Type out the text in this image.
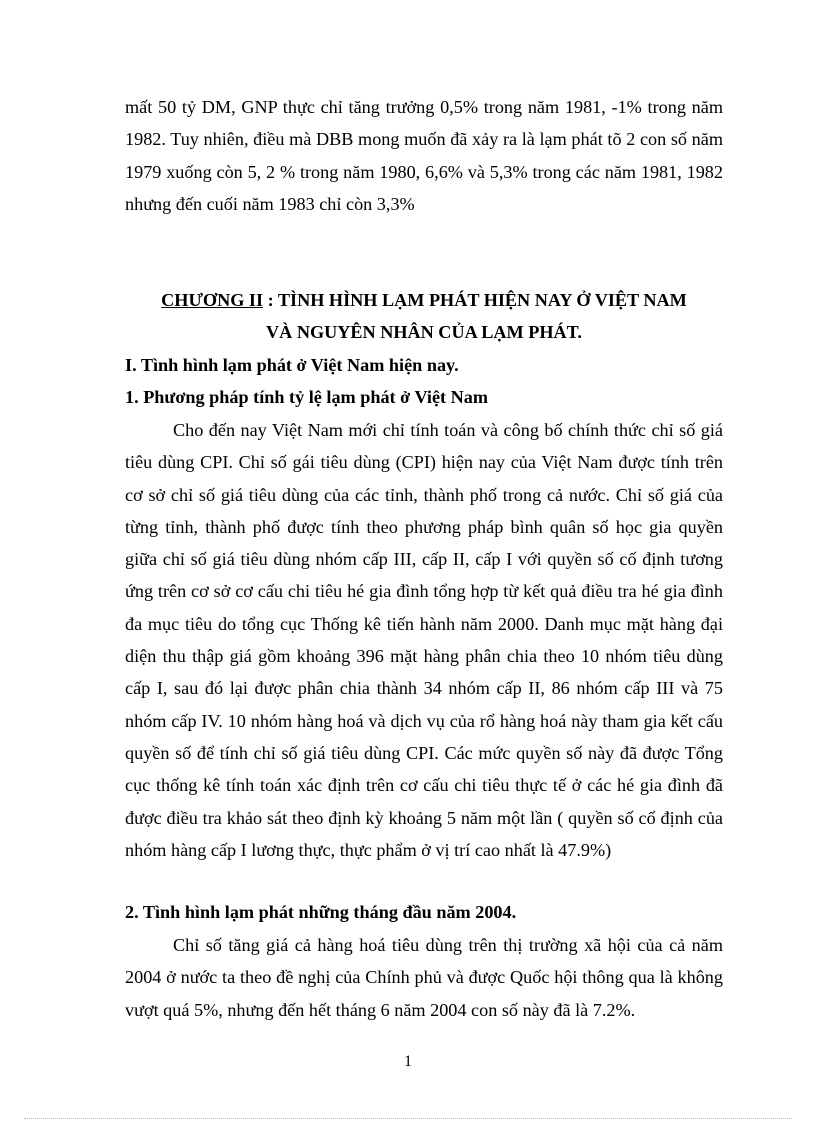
mất 50 tỷ DM, GNP thực chỉ tăng trưởng 0,5% trong năm 1981, -1% trong năm 1982. Tuy nhiên, điều mà DBB mong muốn đã xảy ra là lạm phát tõ 2 con số năm 1979 xuống còn 5, 2 % trong năm 1980, 6,6% và 5,3% trong các năm 1981, 1982 nhưng đến cuối năm 1983 chỉ còn 3,3%
CHƯƠNG II : TÌNH HÌNH LẠM PHÁT HIỆN NAY Ở VIỆT NAM
VÀ NGUYÊN NHÂN CỦA LẠM PHÁT.
I. Tình hình lạm phát ở Việt Nam hiện nay.
1. Phương pháp tính tỷ lệ lạm phát ở Việt Nam
Cho đến nay Việt Nam mới chỉ tính toán và công bố chính thức chỉ số giá tiêu dùng CPI. Chỉ số gái tiêu dùng (CPI) hiện nay của Việt Nam được tính trên cơ sở chỉ số giá tiêu dùng của các tỉnh, thành phố trong cả nước. Chỉ số giá của từng tỉnh, thành phố được tính theo phương pháp bình quân số học gia quyền giữa chỉ số giá tiêu dùng nhóm cấp III, cấp II, cấp I với quyền số cố định tương ứng trên cơ sở cơ cấu chi tiêu hé gia đình tổng hợp từ kết quả điều tra hé gia đình đa mục tiêu do tổng cục Thống kê tiến hành năm 2000. Danh mục mặt hàng đại diện thu thập giá gồm khoảng 396 mặt hàng phân chia theo 10 nhóm tiêu dùng cấp I, sau đó lại được phân chia thành 34 nhóm cấp II, 86 nhóm cấp III và 75 nhóm cấp IV. 10 nhóm hàng hoá và dịch vụ của rổ hàng hoá này tham gia kết cấu quyền số để tính chỉ số giá tiêu dùng CPI. Các mức quyền số này đã được Tổng cục thống kê tính toán xác định trên cơ cấu chi tiêu thực tế ở các hé gia đình đã được điều tra khảo sát theo định kỳ khoảng 5 năm một lần ( quyền số cố định của nhóm hàng cấp I lương thực, thực phẩm ở vị trí cao nhất là 47.9%)
2. Tình hình lạm phát những tháng đầu năm 2004.
Chỉ số tăng giá cả hàng hoá tiêu dùng trên thị trường xã hội của cả năm 2004 ở nước ta theo đề nghị của Chính phủ và được Quốc hội thông qua là không vượt quá 5%, nhưng đến hết tháng 6 năm 2004 con số này đã là 7.2%.
1
